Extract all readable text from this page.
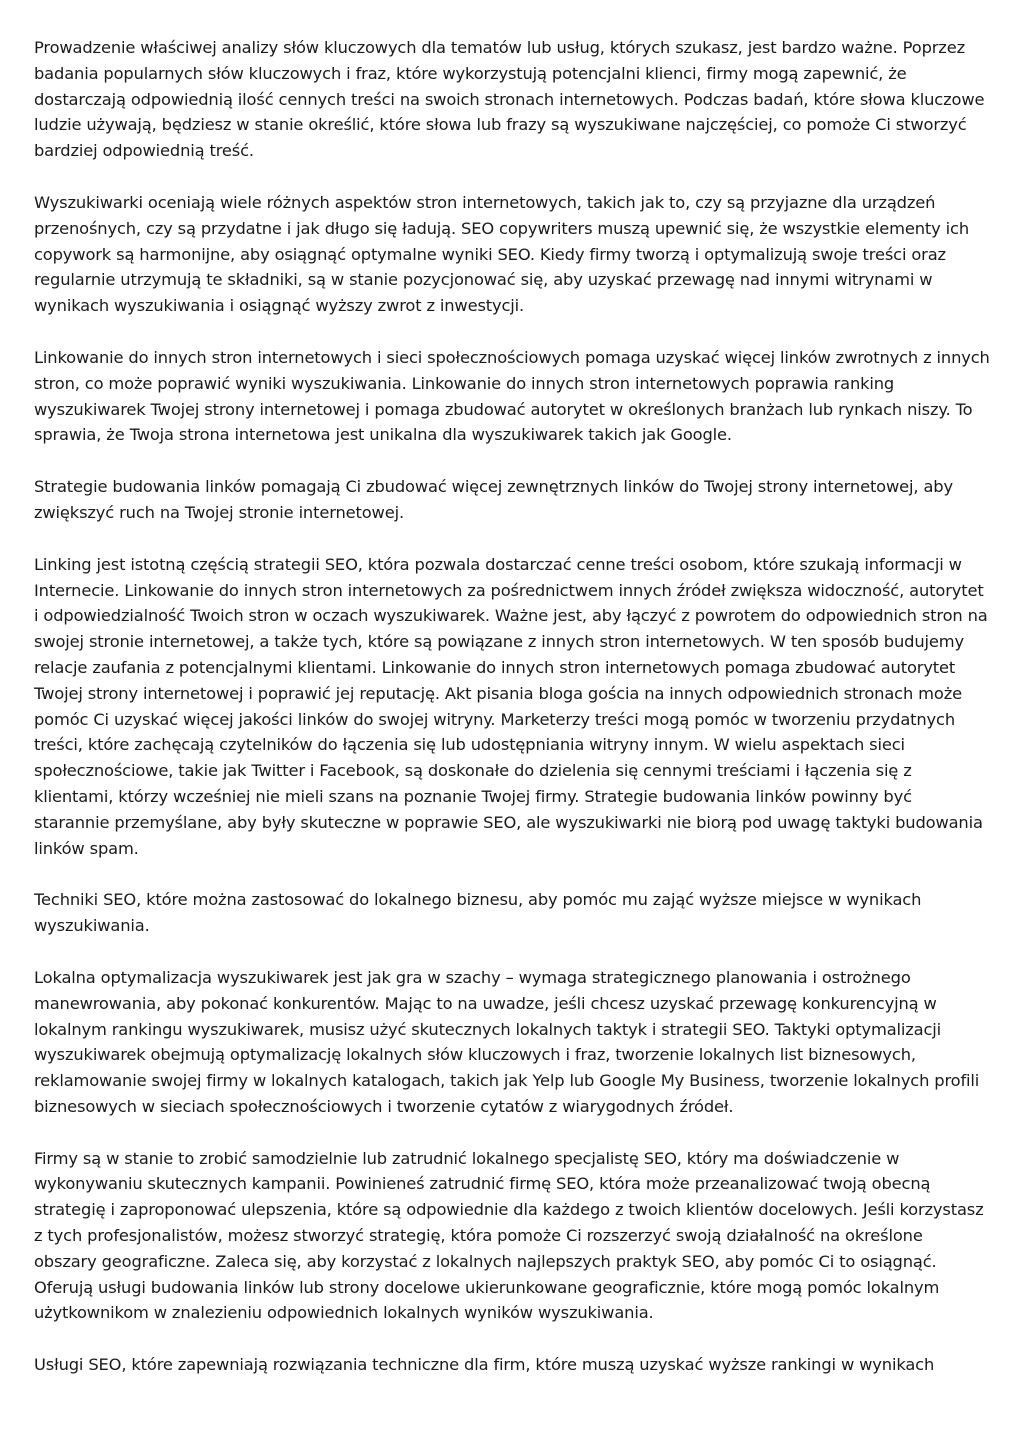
Prowadzenie właściwej analizy słów kluczowych dla tematów lub usług, których szukasz, jest bardzo ważne. Poprzez badania popularnych słów kluczowych i fraz, które wykorzystują potencjalni klienci, firmy mogą zapewnić, że dostarczają odpowiednią ilość cennych treści na swoich stronach internetowych. Podczas badań, które słowa kluczowe ludzie używają, będziesz w stanie określić, które słowa lub frazy są wyszukiwane najczęściej, co pomoże Ci stworzyć bardziej odpowiednią treść.

Wyszukiwarki oceniają wiele różnych aspektów stron internetowych, takich jak to, czy są przyjazne dla urządzeń przenośnych, czy są przydatne i jak długo się ładują. SEO copywriters muszą upewnić się, że wszystkie elementy ich copywork są harmonijne, aby osiągnąć optymalne wyniki SEO. Kiedy firmy tworzą i optymalizują swoje treści oraz regularnie utrzymują te składniki, są w stanie pozycjonować się, aby uzyskać przewagę nad innymi witrynami w wynikach wyszukiwania i osiągnąć wyższy zwrot z inwestycji.

Linkowanie do innych stron internetowych i sieci społecznościowych pomaga uzyskać więcej linków zwrotnych z innych stron, co może poprawić wyniki wyszukiwania. Linkowanie do innych stron internetowych poprawia ranking wyszukiwarek Twojej strony internetowej i pomaga zbudować autorytet w określonych branżach lub rynkach niszy. To sprawia, że Twoja strona internetowa jest unikalna dla wyszukiwarek takich jak Google.

Strategie budowania linków pomagają Ci zbudować więcej zewnętrznych linków do Twojej strony internetowej, aby zwiększyć ruch na Twojej stronie internetowej.

Linking jest istotną częścią strategii SEO, która pozwala dostarczać cenne treści osobom, które szukają informacji w Internecie. Linkowanie do innych stron internetowych za pośrednictwem innych źródeł zwiększa widoczność, autorytet i odpowiedzialność Twoich stron w oczach wyszukiwarek. Ważne jest, aby łączyć z powrotem do odpowiednich stron na swojej stronie internetowej, a także tych, które są powiązane z innych stron internetowych. W ten sposób budujemy relacje zaufania z potencjalnymi klientami. Linkowanie do innych stron internetowych pomaga zbudować autorytet Twojej strony internetowej i poprawić jej reputację. Akt pisania bloga gościa na innych odpowiednich stronach może pomóc Ci uzyskać więcej jakości linków do swojej witryny. Marketerzy treści mogą pomóc w tworzeniu przydatnych treści, które zachęcają czytelników do łączenia się lub udostępniania witryny innym. W wielu aspektach sieci społecznościowe, takie jak Twitter i Facebook, są doskonałe do dzielenia się cennymi treściami i łączenia się z klientami, którzy wcześniej nie mieli szans na poznanie Twojej firmy. Strategie budowania linków powinny być starannie przemyślane, aby były skuteczne w poprawie SEO, ale wyszukiwarki nie biorą pod uwagę taktyki budowania linków spam.

Techniki SEO, które można zastosować do lokalnego biznesu, aby pomóc mu zająć wyższe miejsce w wynikach wyszukiwania.

Lokalna optymalizacja wyszukiwarek jest jak gra w szachy – wymaga strategicznego planowania i ostrożnego manewrowania, aby pokonać konkurentów. Mając to na uwadze, jeśli chcesz uzyskać przewagę konkurencyjną w lokalnym rankingu wyszukiwarek, musisz użyć skutecznych lokalnych taktyk i strategii SEO. Taktyki optymalizacji wyszukiwarek obejmują optymalizację lokalnych słów kluczowych i fraz, tworzenie lokalnych list biznesowych, reklamowanie swojej firmy w lokalnych katalogach, takich jak Yelp lub Google My Business, tworzenie lokalnych profili biznesowych w sieciach społecznościowych i tworzenie cytatów z wiarygodnych źródeł.

Firmy są w stanie to zrobić samodzielnie lub zatrudnić lokalnego specjalistę SEO, który ma doświadczenie w wykonywaniu skutecznych kampanii. Powinieneś zatrudnić firmę SEO, która może przeanalizować twoją obecną strategię i zaproponować ulepszenia, które są odpowiednie dla każdego z twoich klientów docelowych. Jeśli korzystasz z tych profesjonalistów, możesz stworzyć strategię, która pomoże Ci rozszerzyć swoją działalność na określone obszary geograficzne. Zaleca się, aby korzystać z lokalnych najlepszych praktyk SEO, aby pomóc Ci to osiągnąć. Oferują usługi budowania linków lub strony docelowe ukierunkowane geograficznie, które mogą pomóc lokalnym użytkownikom w znalezieniu odpowiednich lokalnych wyników wyszukiwania.

Usługi SEO, które zapewniają rozwiązania techniczne dla firm, które muszą uzyskać wyższe rankingi w wynikach
